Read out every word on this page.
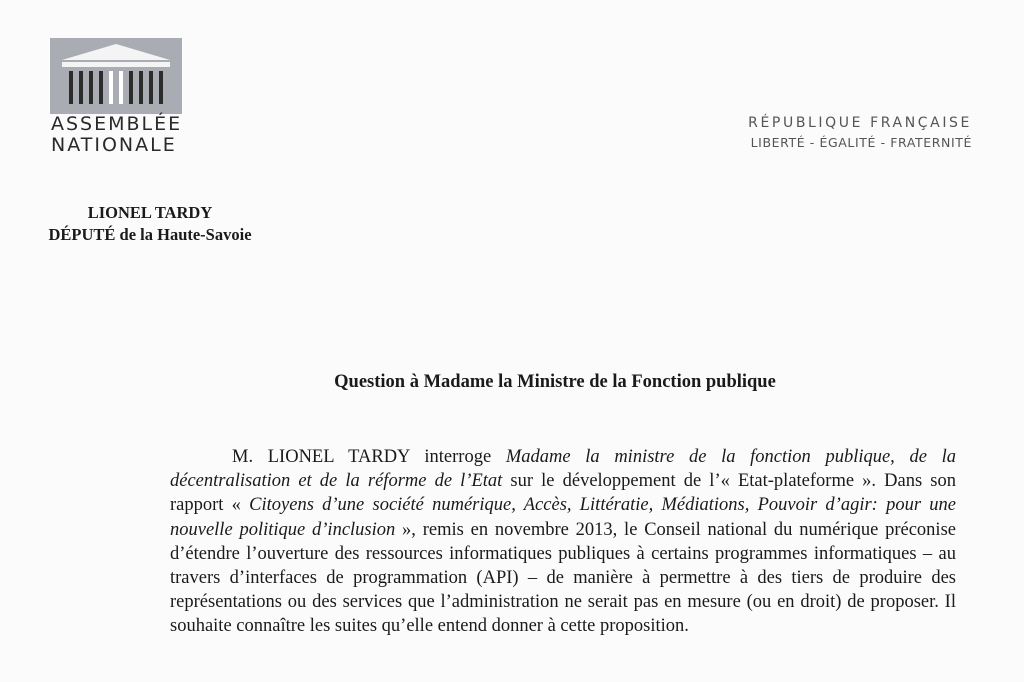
ASSEMBLÉE
NATIONALE
RÉPUBLIQUE FRANÇAISE
LIBERTÉ - ÉGALITÉ - FRATERNITÉ
LIONEL TARDY
DÉPUTÉ de la Haute-Savoie
Question à Madame la Ministre de la Fonction publique
M. LIONEL TARDY interroge Madame la ministre de la fonction publique, de la décentralisation et de la réforme de l’Etat sur le développement de l’« Etat-plateforme ». Dans son rapport « Citoyens d’une société numérique, Accès, Littératie, Médiations, Pouvoir d’agir: pour une nouvelle politique d’inclusion », remis en novembre 2013, le Conseil national du numérique préconise d’étendre l’ouverture des ressources informatiques publiques à certains programmes informatiques – au travers d’interfaces de programmation (API) – de manière à permettre à des tiers de produire des représentations ou des services que l’administration ne serait pas en mesure (ou en droit) de proposer. Il souhaite connaître les suites qu’elle entend donner à cette proposition.
